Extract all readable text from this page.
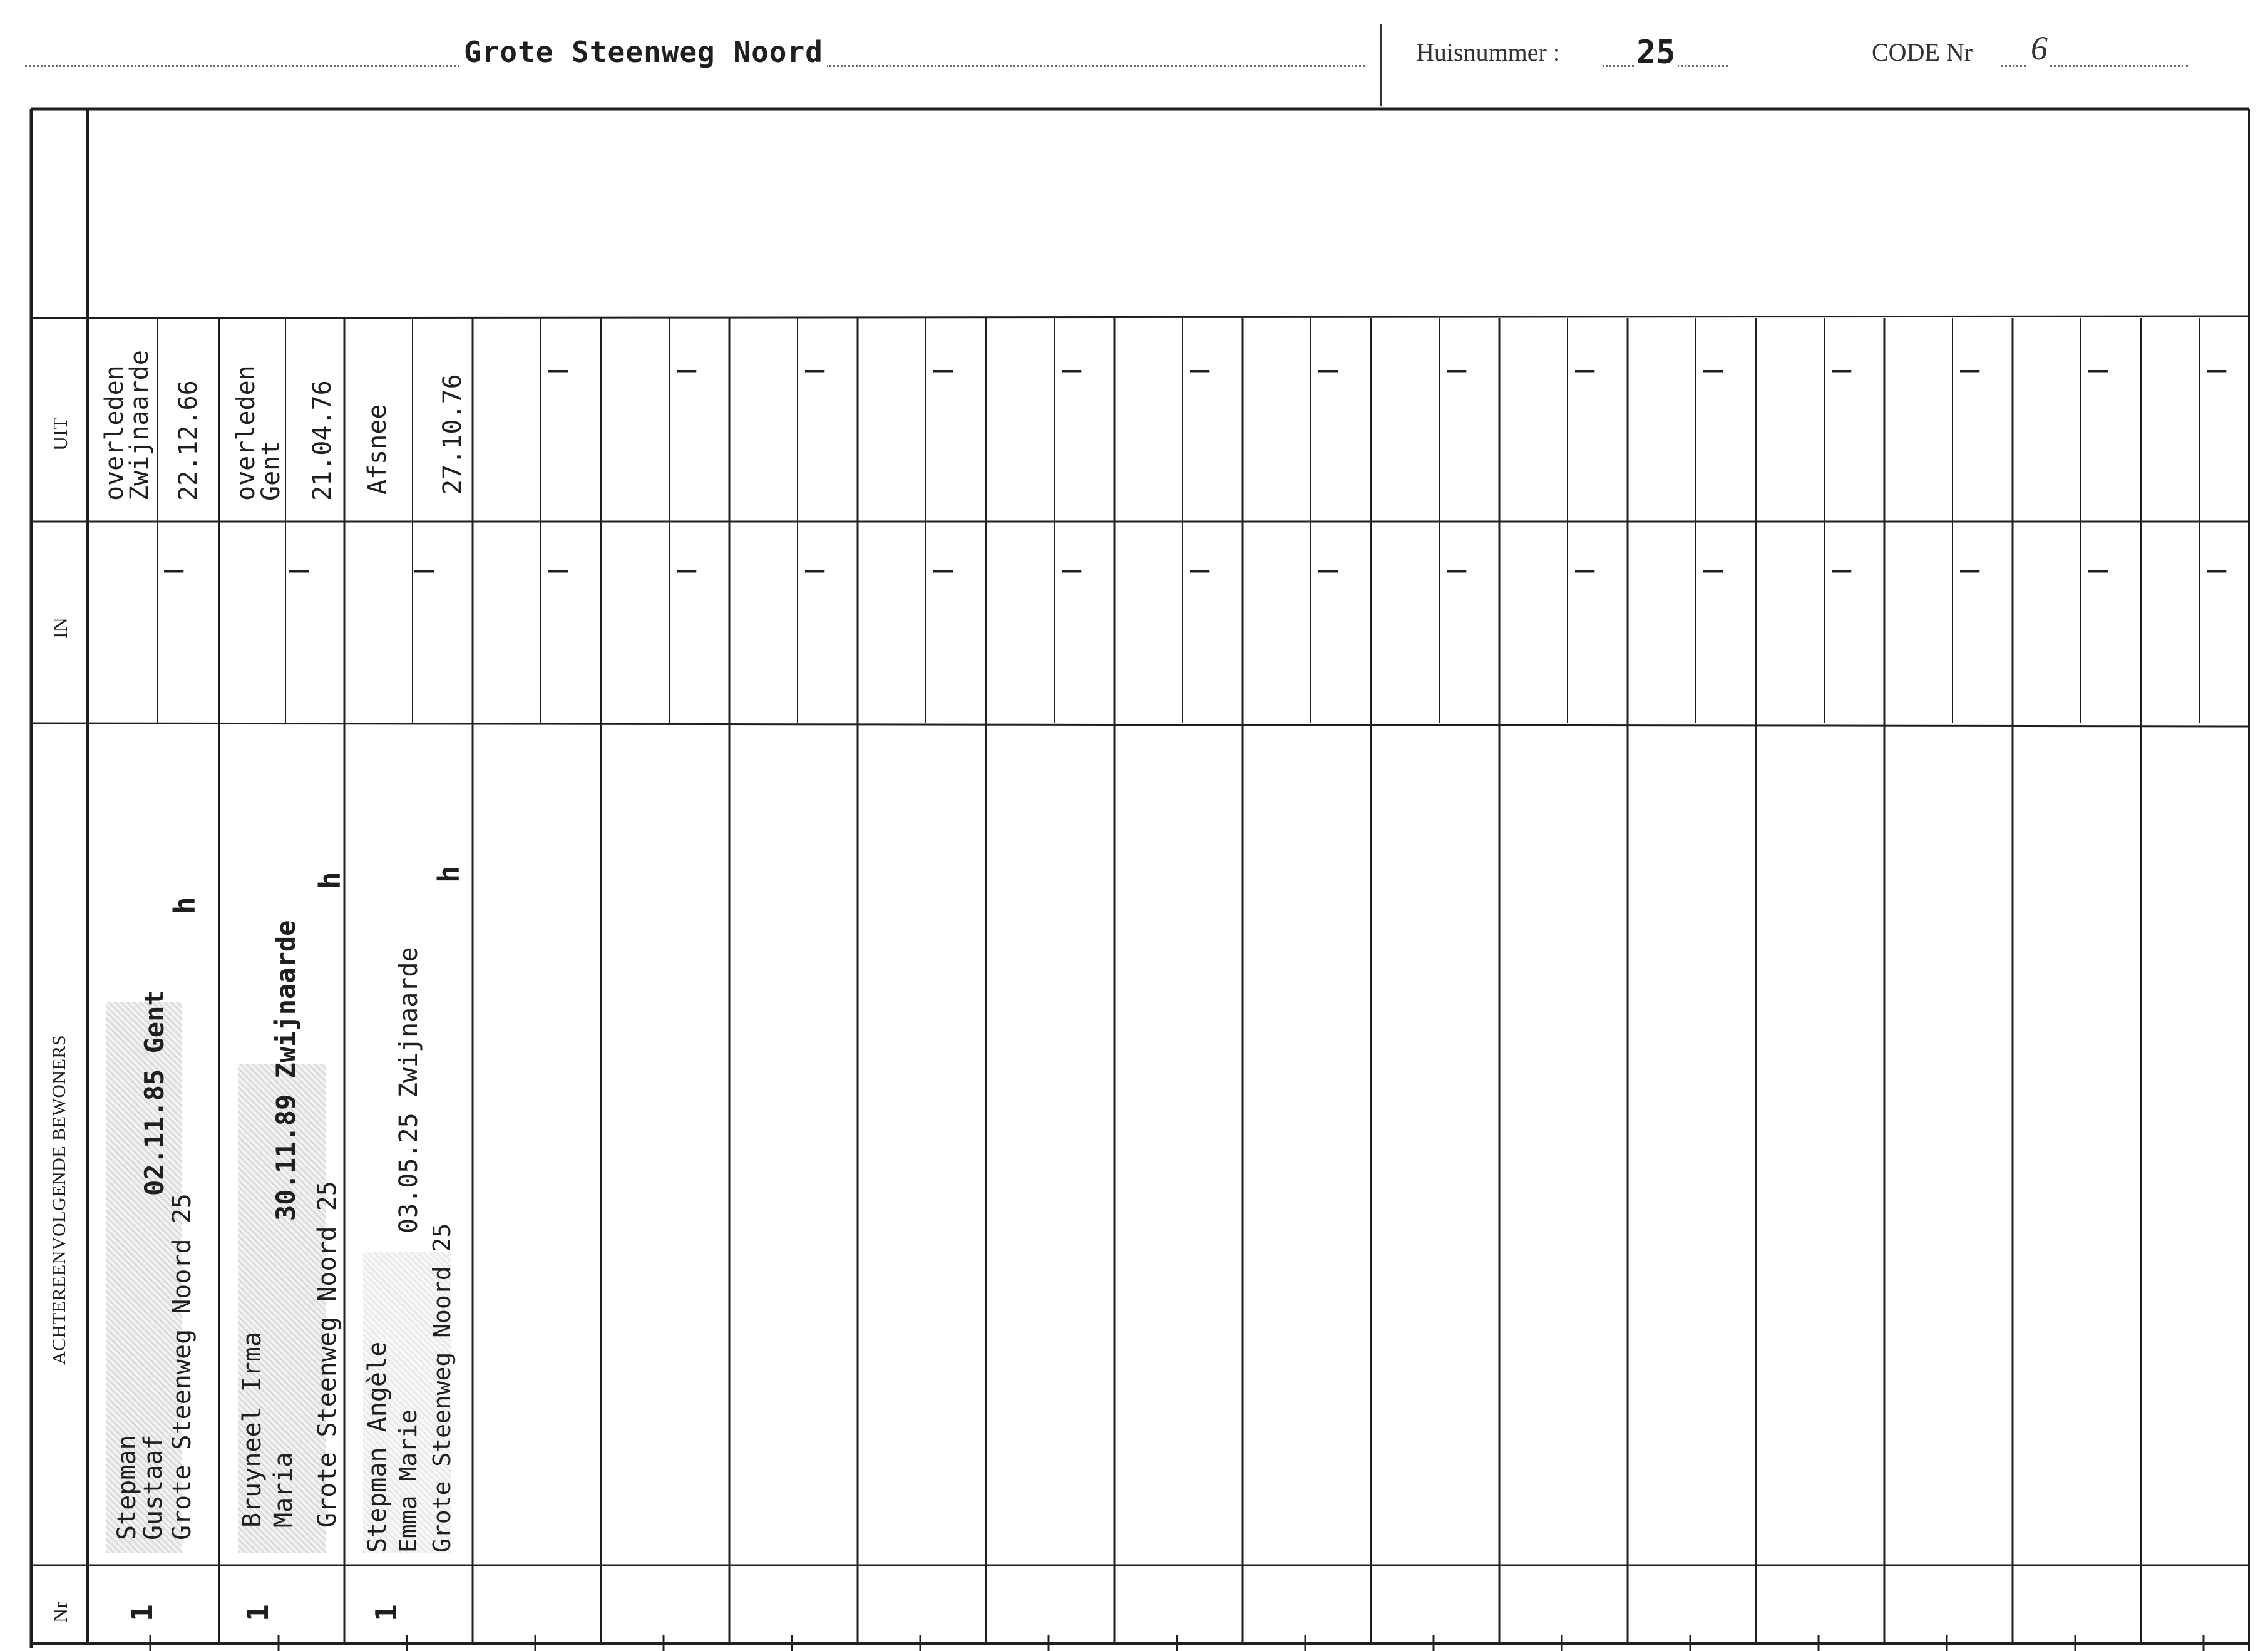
Grote Steenweg Noord	Huisnummer : 25	CODE Nr 6
UIT
IN
ACHTEREENVOLGENDE BEWONERS
Nr
Stepman
Gustaaf Grote Steenweg Noord 25
02.11.85 Gent
h
1
—
overleden
Zwijnaarde 22.12.66
Bruyneel Irma Maria Grote Steenweg Noord 25
30.11.89 Zwijnaarde
h
1
—
overleden
Gent 21.04.76
Stepman Angèle Emma Marie Grote Steenweg Noord 25
03.05.25 Zwijnaarde
h
1
—
Afsnee 27.10.76
—
—
—
—
—
—
—
—
—
—
—
—
—
—
—
—
—
—
—
—
—
—
—
—
—
—
—
—
